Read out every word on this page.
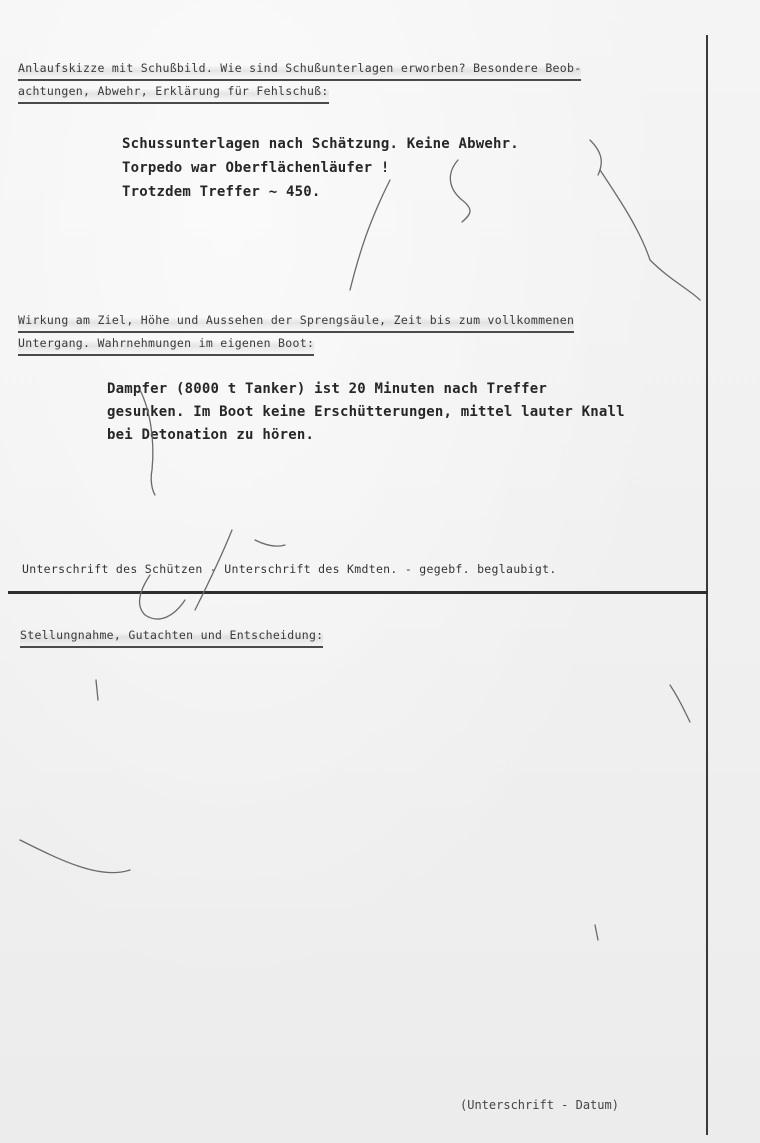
Anlaufskizze mit Schußbild. Wie sind Schußunterlagen erworben? Besondere Beob-
achtungen, Abwehr, Erklärung für Fehlschuß:
Schussunterlagen nach Schätzung. Keine Abwehr.
Torpedo war Oberflächenläufer !
Trotzdem Treffer ~ 450.
Wirkung am Ziel, Höhe und Aussehen der Sprengsäule, Zeit bis zum vollkommenen
Untergang. Wahrnehmungen im eigenen Boot:
Dampfer (8000 t Tanker) ist 20 Minuten nach Treffer
gesunken. Im Boot keine Erschütterungen, mittel lauter Knall
bei Detonation zu hören.
Unterschrift des Schützen - Unterschrift des Kmdten. - gegebf. beglaubigt.
Stellungnahme, Gutachten und Entscheidung:
(Unterschrift - Datum)
